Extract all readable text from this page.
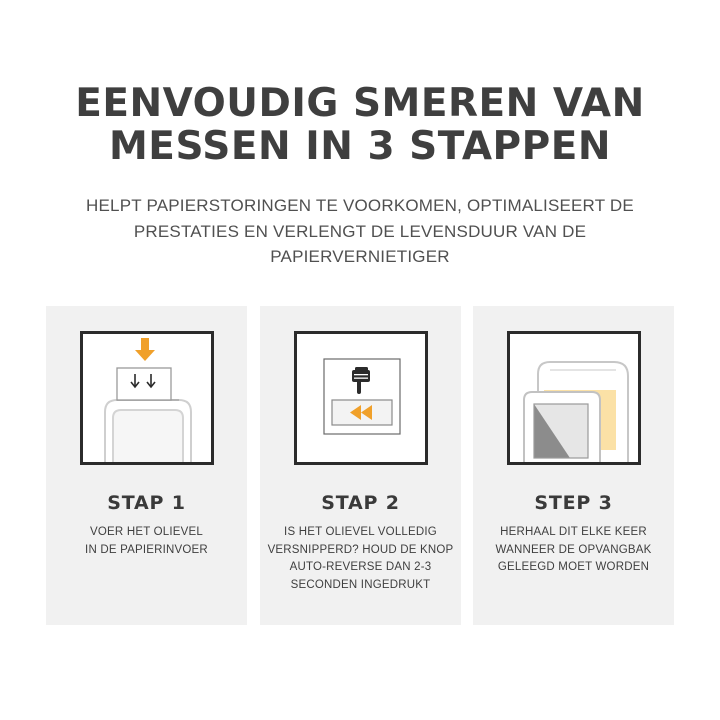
EENVOUDIG SMEREN VAN
MESSEN IN 3 STAPPEN
HELPT PAPIERSTORINGEN TE VOORKOMEN, OPTIMALISEERT DE
PRESTATIES EN VERLENGT DE LEVENSDUUR VAN DE
PAPIERVERNIETIGER
STAP 1
VOER HET OLIEVEL
IN DE PAPIERINVOER
STAP 2
IS HET OLIEVEL VOLLEDIG
VERSNIPPERD? HOUD DE KNOP
AUTO-REVERSE DAN 2-3
SECONDEN INGEDRUKT
STEP 3
HERHAAL DIT ELKE KEER
WANNEER DE OPVANGBAK
GELEEGD MOET WORDEN
